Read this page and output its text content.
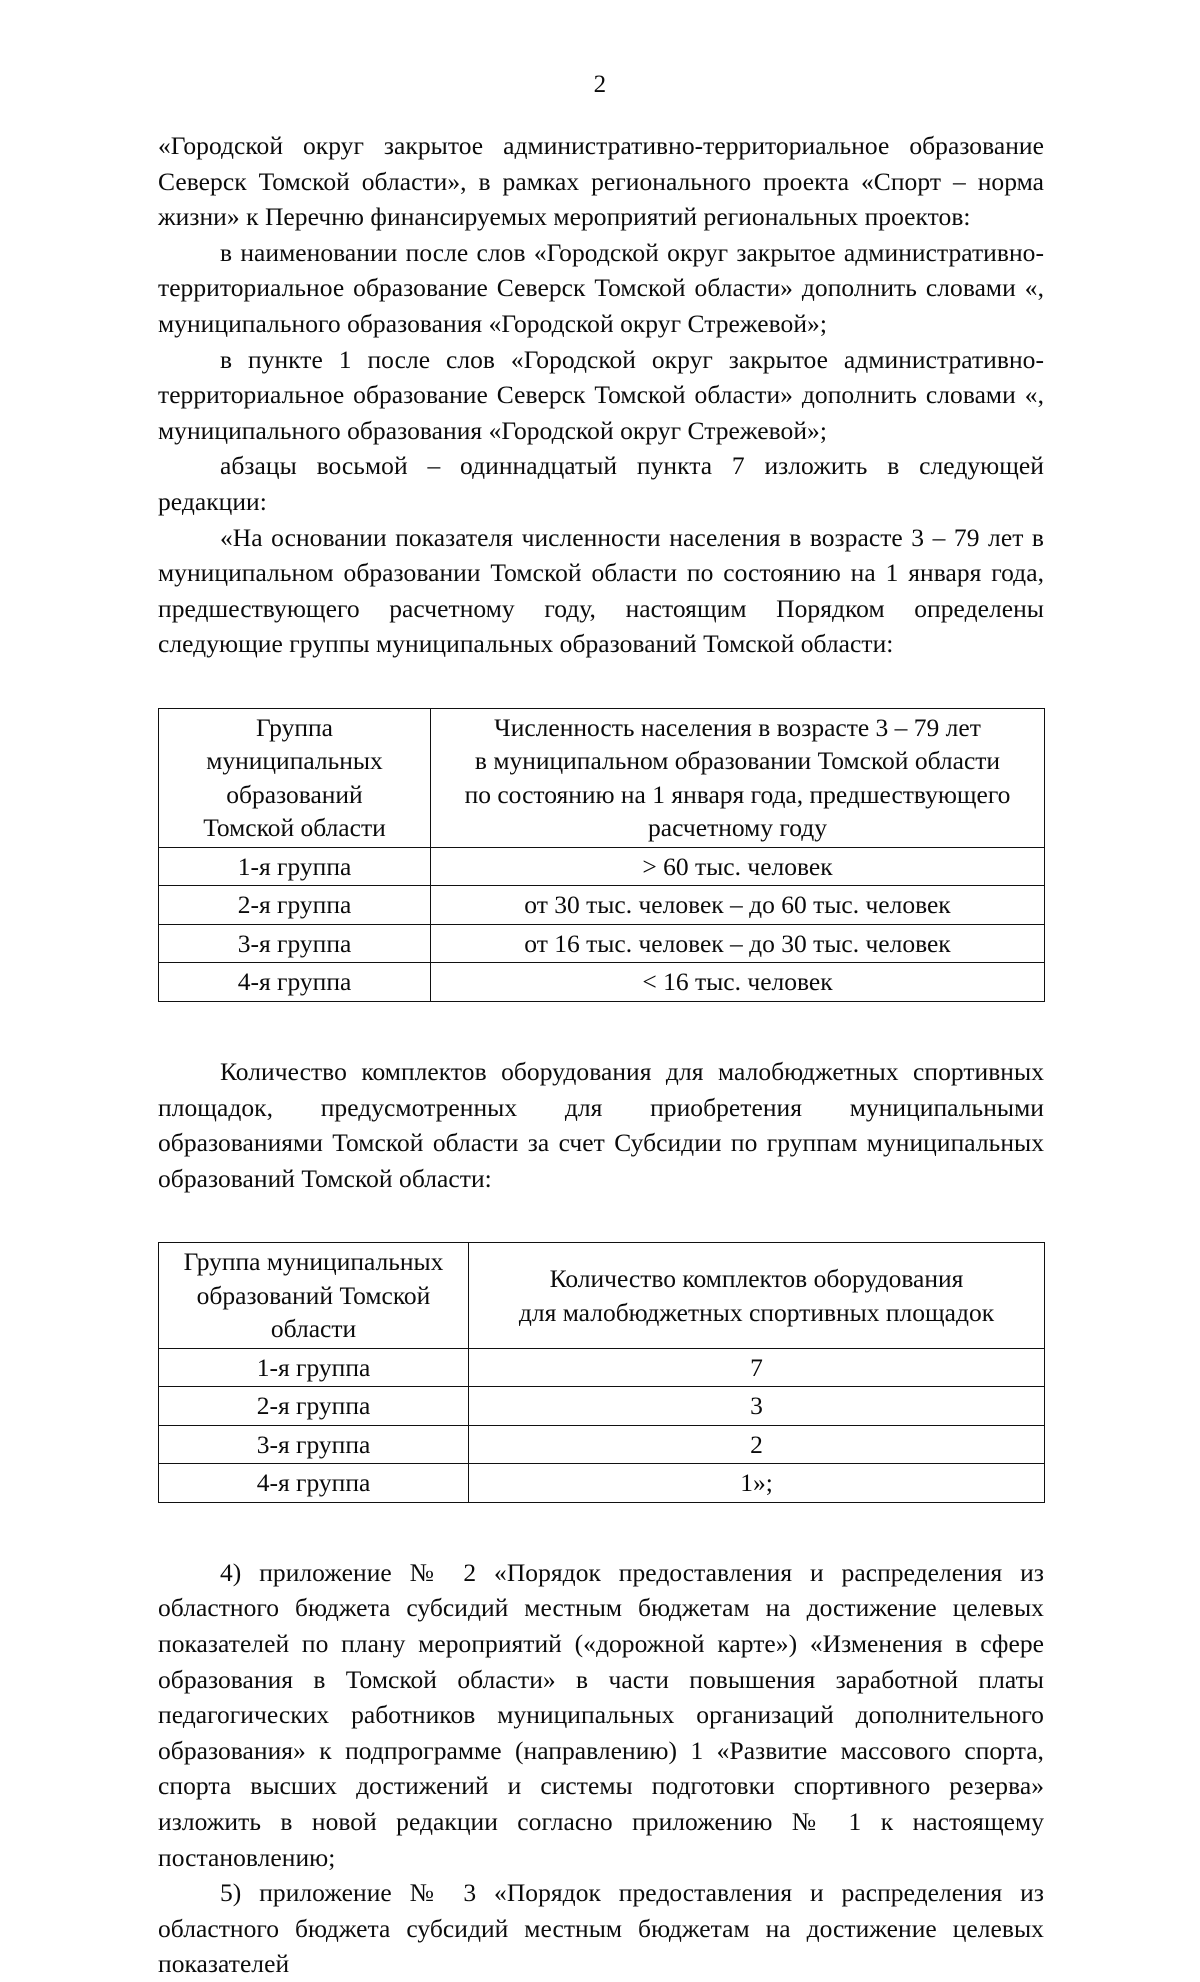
2

«Городской округ закрытое административно-территориальное образование Северск Томской области», в рамках регионального проекта «Спорт – норма жизни» к Перечню финансируемых мероприятий региональных проектов:

в наименовании после слов «Городской округ закрытое административно-территориальное образование Северск Томской области» дополнить словами «, муниципального образования «Городской округ Стрежевой»;

в пункте 1 после слов «Городской округ закрытое административно-территориальное образование Северск Томской области» дополнить словами «, муниципального образования «Городской округ Стрежевой»;

абзацы восьмой – одиннадцатый пункта 7 изложить в следующей редакции:

«На основании показателя численности населения в возрасте 3 – 79 лет в муниципальном образовании Томской области по состоянию на 1 января года, предшествующего расчетному году, настоящим Порядком определены следующие группы муниципальных образований Томской области:

Группа
муниципальных
образований
Томской области	Численность населения в возрасте 3 – 79 лет
в муниципальном образовании Томской области
по состоянию на 1 января года, предшествующего
расчетному году

1-я группа	> 60 тыс. человек
2-я группа	от 30 тыс. человек – до 60 тыс. человек
3-я группа	от 16 тыс. человек – до 30 тыс. человек
4-я группа	< 16 тыс. человек

Количество комплектов оборудования для малобюджетных спортивных площадок, предусмотренных для приобретения муниципальными образованиями Томской области за счет Субсидии по группам муниципальных образований Томской области:

Группа муниципальных
образований Томской
области	Количество комплектов оборудования
для малобюджетных спортивных площадок

1-я группа	7
2-я группа	3
3-я группа	2
4-я группа	1»;

4) приложение № 2 «Порядок предоставления и распределения из областного бюджета субсидий местным бюджетам на достижение целевых показателей по плану мероприятий («дорожной карте») «Изменения в сфере образования в Томской области» в части повышения заработной платы педагогических работников муниципальных организаций дополнительного образования» к подпрограмме (направлению) 1 «Развитие массового спорта, спорта высших достижений и системы подготовки спортивного резерва» изложить в новой редакции согласно приложению № 1 к настоящему постановлению;

5) приложение № 3 «Порядок предоставления и распределения из областного бюджета субсидий местным бюджетам на достижение целевых показателей
